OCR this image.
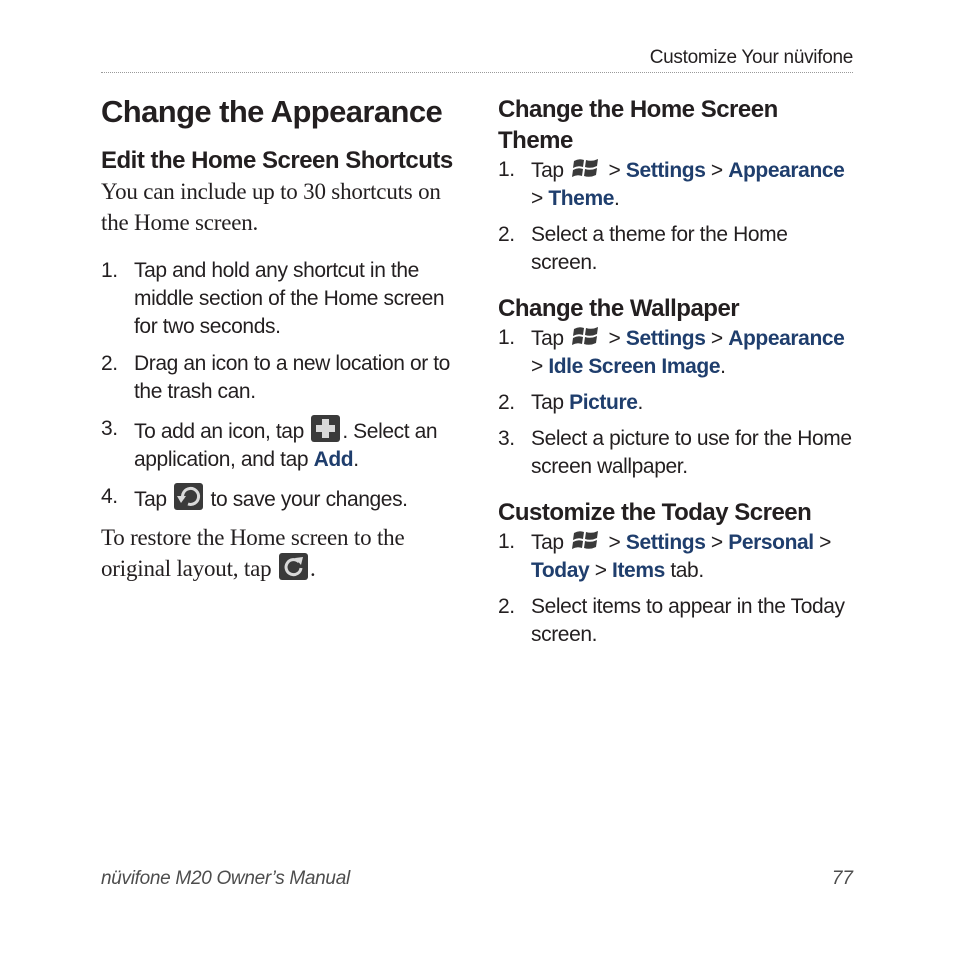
Customize Your nüvifone
Change the Appearance
Edit the Home Screen Shortcuts

You can include up to 30 shortcuts on the Home screen.

1. Tap and hold any shortcut in the middle section of the Home screen for two seconds.
2. Drag an icon to a new location or to the trash can.
3. To add an icon, tap . Select an application, and tap Add.
4. Tap to save your changes.

To restore the Home screen to the original layout, tap .

Change the Home Screen Theme
1. Tap
> Settings > Appearance > Theme.
2. Select a theme for the Home screen.
Change the Wallpaper
1. Tap
> Settings > Appearance > Idle Screen Image.
2. Tap Picture.
3. Select a picture to use for the Home screen wallpaper.
Customize the Today Screen
1. Tap
> Settings > Personal > Today > Items tab.
2. Select items to appear in the Today screen.
nüvifone M20 Owner’s Manual	77
